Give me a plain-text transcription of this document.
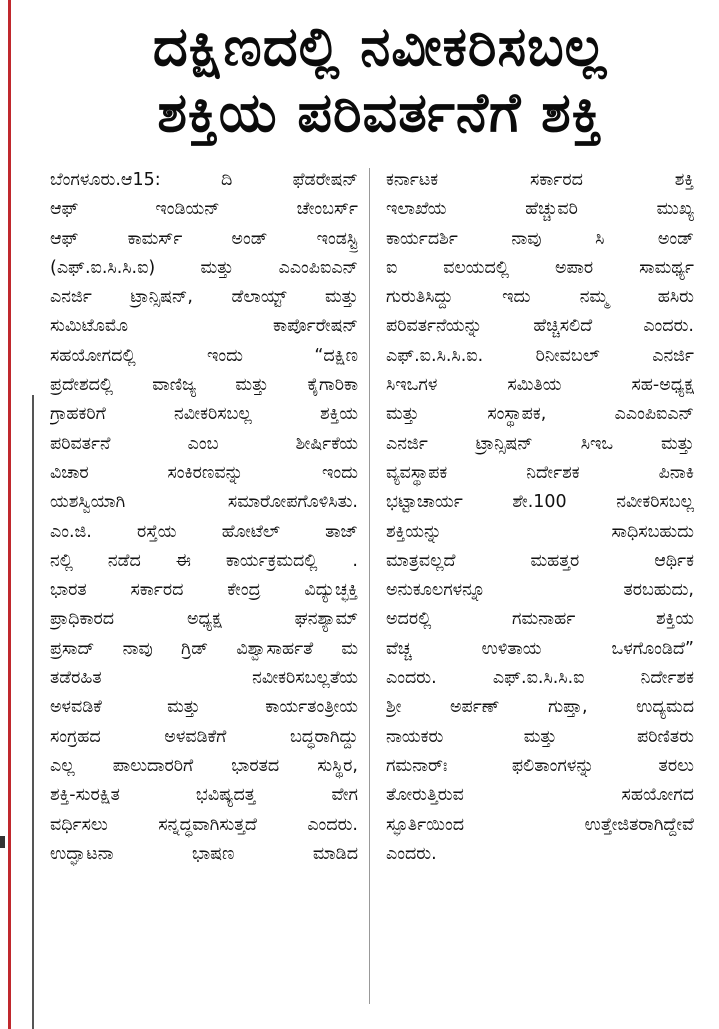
ದಕ್ಷಿಣದಲ್ಲಿ ನವೀಕರಿಸಬಲ್ಲ
ಶಕ್ತಿಯ ಪರಿವರ್ತನೆಗೆ ಶಕ್ತಿ
ಬೆಂಗಳೂರು.ಆ15: ದಿ ಫೆಡರೇಷನ್
ಆಫ್ ಇಂಡಿಯನ್ ಚೇಂಬರ್ಸ್
ಆಫ್ ಕಾಮರ್ಸ್ ಅಂಡ್ ಇಂಡಸ್ಟ್ರಿ
(ಎಫ್.ಐ.ಸಿ.ಸಿ.ಐ) ಮತ್ತು ಎಎಂಪಿಐಎನ್
ಎನರ್ಜಿ ಟ್ರಾನ್ಸಿಷನ್, ಡೆಲಾಯ್ಟ್ ಮತ್ತು
ಸುಮಿಟೊಮೊ ಕಾರ್ಪೊರೇಷನ್
ಸಹಯೋಗದಲ್ಲಿ ಇಂದು “ದಕ್ಷಿಣ
ಪ್ರದೇಶದಲ್ಲಿ ವಾಣಿಜ್ಯ ಮತ್ತು ಕೈಗಾರಿಕಾ
ಗ್ರಾಹಕರಿಗೆ ನವೀಕರಿಸಬಲ್ಲ ಶಕ್ತಿಯ
ಪರಿವರ್ತನೆ ಎಂಬ ಶೀರ್ಷಿಕೆಯ
ವಿಚಾರ ಸಂಕಿರಣವನ್ನು ಇಂದು
ಯಶಸ್ವಿಯಾಗಿ ಸಮಾರೋಪಗೊಳಿಸಿತು.
ಎಂ.ಜಿ. ರಸ್ತೆಯ ಹೋಟೆಲ್ ತಾಜ್
ನಲ್ಲಿ ನಡೆದ ಈ ಕಾರ್ಯಕ್ರಮದಲ್ಲಿ .
ಭಾರತ ಸರ್ಕಾರದ ಕೇಂದ್ರ ವಿದ್ಯುಚ್ಛಕ್ತಿ
ಪ್ರಾಧಿಕಾರದ ಅಧ್ಯಕ್ಷ ಘನಶ್ಯಾಮ್
ಪ್ರಸಾದ್ ನಾವು ಗ್ರಿಡ್ ವಿಶ್ವಾಸಾರ್ಹತೆ ಮ
ತಡೆರಹಿತ ನವೀಕರಿಸಬಲ್ಲತೆಯ
ಅಳವಡಿಕೆ ಮತ್ತು ಕಾರ್ಯತಂತ್ರೀಯ
ಸಂಗ್ರಹದ ಅಳವಡಿಕೆಗೆ ಬದ್ಧರಾಗಿದ್ದು
ಎಲ್ಲ ಪಾಲುದಾರರಿಗೆ ಭಾರತದ ಸುಸ್ಥಿರ,
ಶಕ್ತಿ-ಸುರಕ್ಷಿತ ಭವಿಷ್ಯದತ್ತ ವೇಗ
ವರ್ಧಿಸಲು ಸನ್ನದ್ಧವಾಗಿಸುತ್ತದೆ ಎಂದರು.
ಉದ್ಘಾಟನಾ ಭಾಷಣ ಮಾಡಿದ
ಕರ್ನಾಟಕ ಸರ್ಕಾರದ ಶಕ್ತಿ
ಇಲಾಖೆಯ ಹೆಚ್ಚುವರಿ ಮುಖ್ಯ
ಕಾರ್ಯದರ್ಶಿ ನಾವು ಸಿ ಅಂಡ್
ಐ ವಲಯದಲ್ಲಿ ಅಪಾರ ಸಾಮರ್ಥ್ಯ
ಗುರುತಿಸಿದ್ದು ಇದು ನಮ್ಮ ಹಸಿರು
ಪರಿವರ್ತನೆಯನ್ನು ಹೆಚ್ಚಿಸಲಿದೆ ಎಂದರು.
ಎಫ್.ಐ.ಸಿ.ಸಿ.ಐ. ರಿನೀವಬಲ್ ಎನರ್ಜಿ
ಸಿಇಒಗಳ ಸಮಿತಿಯ ಸಹ-ಅಧ್ಯಕ್ಷ
ಮತ್ತು ಸಂಸ್ಥಾಪಕ, ಎಎಂಪಿಐಎನ್
ಎನರ್ಜಿ ಟ್ರಾನ್ಸಿಷನ್ ಸಿಇಒ ಮತ್ತು
ವ್ಯವಸ್ಥಾಪಕ ನಿರ್ದೇಶಕ ಪಿನಾಕಿ
ಭಟ್ಟಾಚಾರ್ಯ ಶೇ.100 ನವೀಕರಿಸಬಲ್ಲ
ಶಕ್ತಿಯನ್ನು ಸಾಧಿಸಬಹುದು
ಮಾತ್ರವಲ್ಲದೆ ಮಹತ್ತರ ಆರ್ಥಿಕ
ಅನುಕೂಲಗಳನ್ನೂ ತರಬಹುದು,
ಅದರಲ್ಲಿ ಗಮನಾರ್ಹ ಶಕ್ತಿಯ
ವೆಚ್ಚ ಉಳಿತಾಯ ಒಳಗೊಂಡಿದೆ”
ಎಂದರು. ಎಫ್.ಐ.ಸಿ.ಸಿ.ಐ ನಿರ್ದೇಶಕ
ಶ್ರೀ ಅರ್ಪಣ್ ಗುಪ್ತಾ, ಉದ್ಯಮದ
ನಾಯಕರು ಮತ್ತು ಪರಿಣಿತರು
ಗಮನಾರ್ಃ ಫಲಿತಾಂಗಳನ್ನು ತರಲು
ತೋರುತ್ತಿರುವ ಸಹಯೋಗದ
ಸ್ಫೂರ್ತಿಯಿಂದ ಉತ್ತೇಜಿತರಾಗಿದ್ದೇವೆ
ಎಂದರು.
